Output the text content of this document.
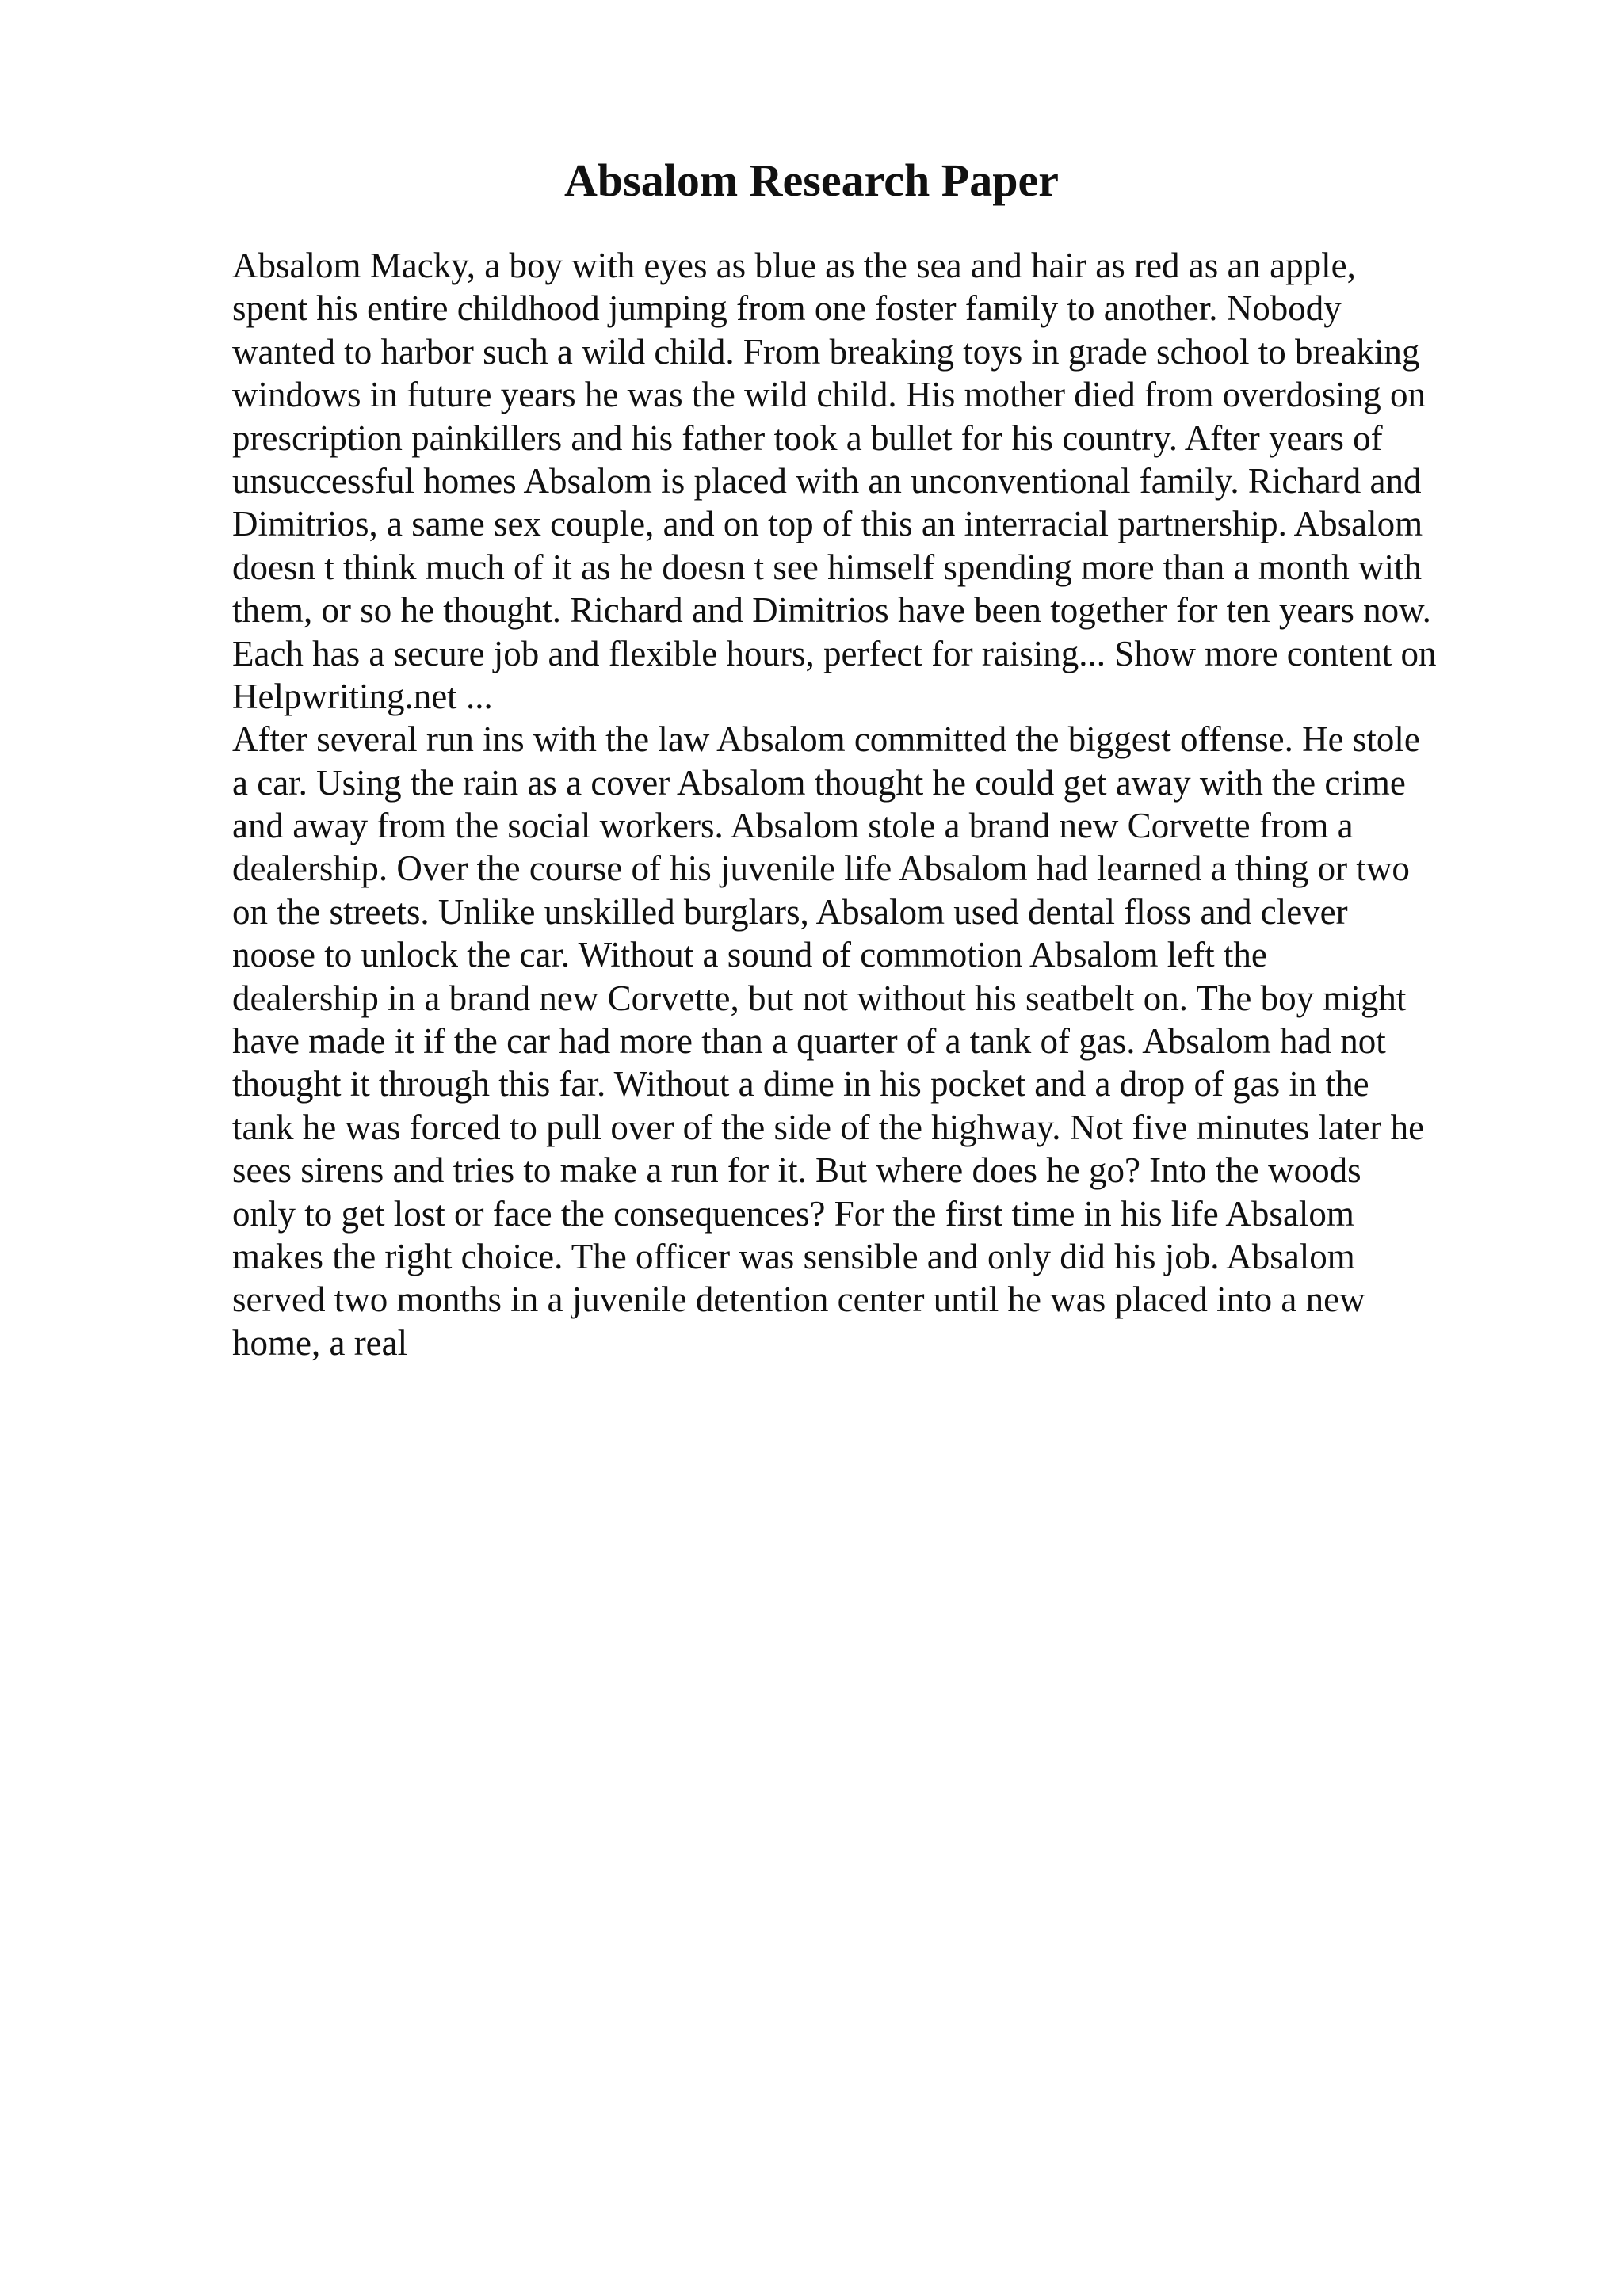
Absalom Research Paper
Absalom Macky, a boy with eyes as blue as the sea and hair as red as an apple,
spent his entire childhood jumping from one foster family to another. Nobody
wanted to harbor such a wild child. From breaking toys in grade school to breaking
windows in future years he was the wild child. His mother died from overdosing on
prescription painkillers and his father took a bullet for his country. After years of
unsuccessful homes Absalom is placed with an unconventional family. Richard and
Dimitrios, a same sex couple, and on top of this an interracial partnership. Absalom
doesn t think much of it as he doesn t see himself spending more than a month with
them, or so he thought. Richard and Dimitrios have been together for ten years now.
Each has a secure job and flexible hours, perfect for raising... Show more content on
Helpwriting.net ...
After several run ins with the law Absalom committed the biggest offense. He stole
a car. Using the rain as a cover Absalom thought he could get away with the crime
and away from the social workers. Absalom stole a brand new Corvette from a
dealership. Over the course of his juvenile life Absalom had learned a thing or two
on the streets. Unlike unskilled burglars, Absalom used dental floss and clever
noose to unlock the car. Without a sound of commotion Absalom left the
dealership in a brand new Corvette, but not without his seatbelt on. The boy might
have made it if the car had more than a quarter of a tank of gas. Absalom had not
thought it through this far. Without a dime in his pocket and a drop of gas in the
tank he was forced to pull over of the side of the highway. Not five minutes later he
sees sirens and tries to make a run for it. But where does he go? Into the woods
only to get lost or face the consequences? For the first time in his life Absalom
makes the right choice. The officer was sensible and only did his job. Absalom
served two months in a juvenile detention center until he was placed into a new
home, a real
